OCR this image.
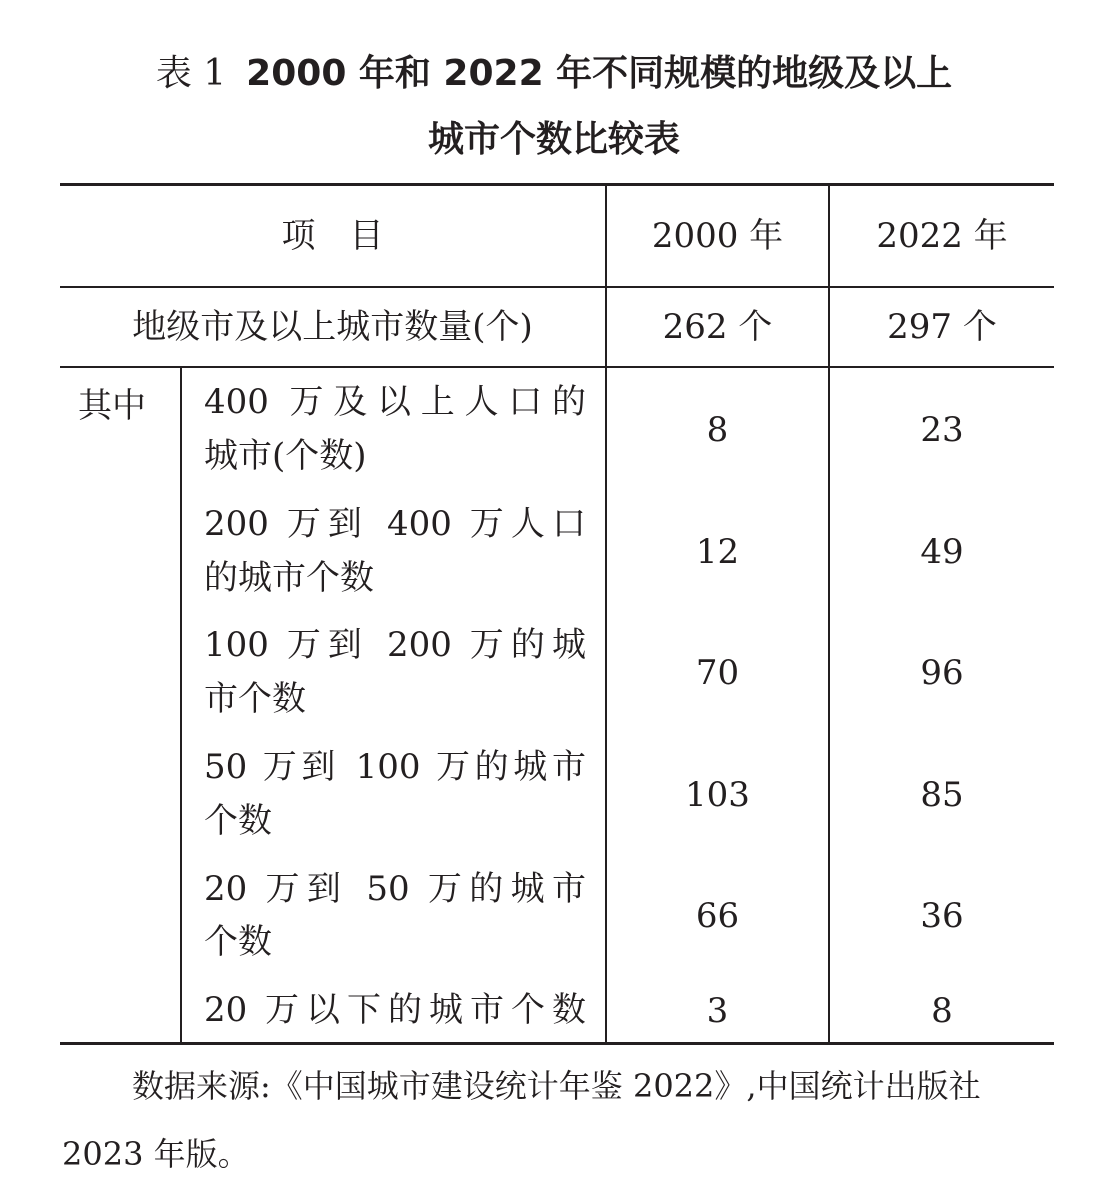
表 1 2000 年和 2022 年不同规模的地级及以上
城市个数比较表
项　目	2000 年	2022 年
地级市及以上城市数量(个)	262 个	297 个
其中 400 万及以上人口的
城市(个数)
8	23
200 万到 400 万人口
的城市个数
12	49
100 万到 200 万的城
市个数
70	96
50 万到 100 万的城市
个数
103	85
20 万到 50 万的城市
个数
66	36
20 万以下的城市个数	3	8
数据来源:《中国城市建设统计年鉴 2022》,中国统计出版社
2023 年版。
